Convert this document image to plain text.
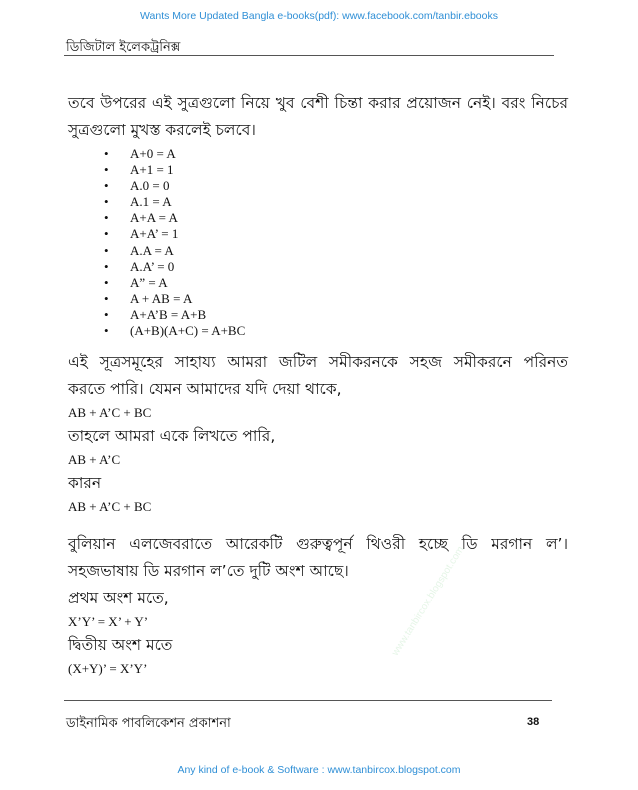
Wants More Updated Bangla e-books(pdf): www.facebook.com/tanbir.ebooks
ডিজিটাল ইলেকট্রনিক্স

তবে উপরের এই সুত্রগুলো নিয়ে খুব বেশী চিন্তা করার প্রয়োজন নেই। বরং নিচের

সুত্রগুলো মুখস্ত করলেই চলবে।

• A+0 = A
• A+1 = 1
• A.0 = 0
• A.1 = A
• A+A = A
• A+A’ = 1
• A.A = A
• A.A’ = 0
• A” = A
• A + AB = A
• A+A’B = A+B
• (A+B)(A+C) = A+BC

এই সূত্রসমূহের সাহায্য আমরা জটিল সমীকরনকে সহজ সমীকরনে পরিনত

করতে পারি। যেমন আমাদের যদি দেয়া থাকে,

AB + A’C + BC

তাহলে আমরা একে লিখতে পারি,

AB + A’C

কারন

AB + A’C + BC

বুলিয়ান এলজেবরাতে আরেকটি গুরুত্বপূর্ন থিওরী হচ্ছে ডি মরগান ল’।

সহজভাষায় ডি মরগান ল’তে দুটি অংশ আছে।

প্রথম অংশ মতে,

X’Y’ = X’ + Y’

দ্বিতীয় অংশ মতে

(X+Y)’ = X’Y’

www.tanbircox.blogspot.com
ডাইনামিক পাবলিকেশন প্রকাশনা	38
Any kind of e-book & Software : www.tanbircox.blogspot.com
